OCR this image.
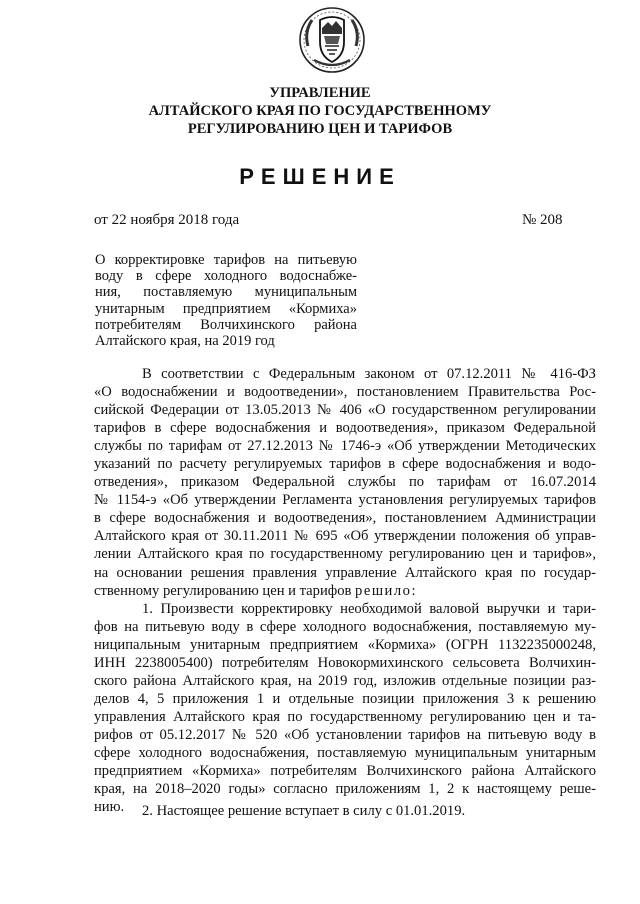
УПРАВЛЕНИЕ
АЛТАЙСКОГО КРАЯ ПО ГОСУДАРСТВЕННОМУ
РЕГУЛИРОВАНИЮ ЦЕН И ТАРИФОВ
РЕШЕНИЕ
от 22 ноября 2018 года	№ 208
О корректировке тарифов на питьевую
воду в сфере холодного водоснабже-
ния, поставляемую муниципальным
унитарным предприятием «Кормиха»
потребителям Волчихинского района
Алтайского края, на 2019 год
В соответствии с Федеральным законом от 07.12.2011 № 416-ФЗ
«О водоснабжении и водоотведении», постановлением Правительства Рос-
сийской Федерации от 13.05.2013 № 406 «О государственном регулировании
тарифов в сфере водоснабжения и водоотведения», приказом Федеральной
службы по тарифам от 27.12.2013 № 1746-э «Об утверждении Методических
указаний по расчету регулируемых тарифов в сфере водоснабжения и водо-
отведения», приказом Федеральной службы по тарифам от 16.07.2014
№ 1154-э «Об утверждении Регламента установления регулируемых тарифов
в сфере водоснабжения и водоотведения», постановлением Администрации
Алтайского края от 30.11.2011 № 695 «Об утверждении положения об управ-
лении Алтайского края по государственному регулированию цен и тарифов»,
на основании решения правления управление Алтайского края по государ-
ственному регулированию цен и тарифов решило:
1. Произвести корректировку необходимой валовой выручки и тари-
фов на питьевую воду в сфере холодного водоснабжения, поставляемую му-
ниципальным унитарным предприятием «Кормиха» (ОГРН 1132235000248,
ИНН 2238005400) потребителям Новокормихинского сельсовета Волчихин-
ского района Алтайского края, на 2019 год, изложив отдельные позиции раз-
делов 4, 5 приложения 1 и отдельные позиции приложения 3 к решению
управления Алтайского края по государственному регулированию цен и та-
рифов от 05.12.2017 № 520 «Об установлении тарифов на питьевую воду в
сфере холодного водоснабжения, поставляемую муниципальным унитарным
предприятием «Кормиха» потребителям Волчихинского района Алтайского
края, на 2018–2020 годы» согласно приложениям 1, 2 к настоящему реше-
нию.	2. Настоящее решение вступает в силу с 01.01.2019.
